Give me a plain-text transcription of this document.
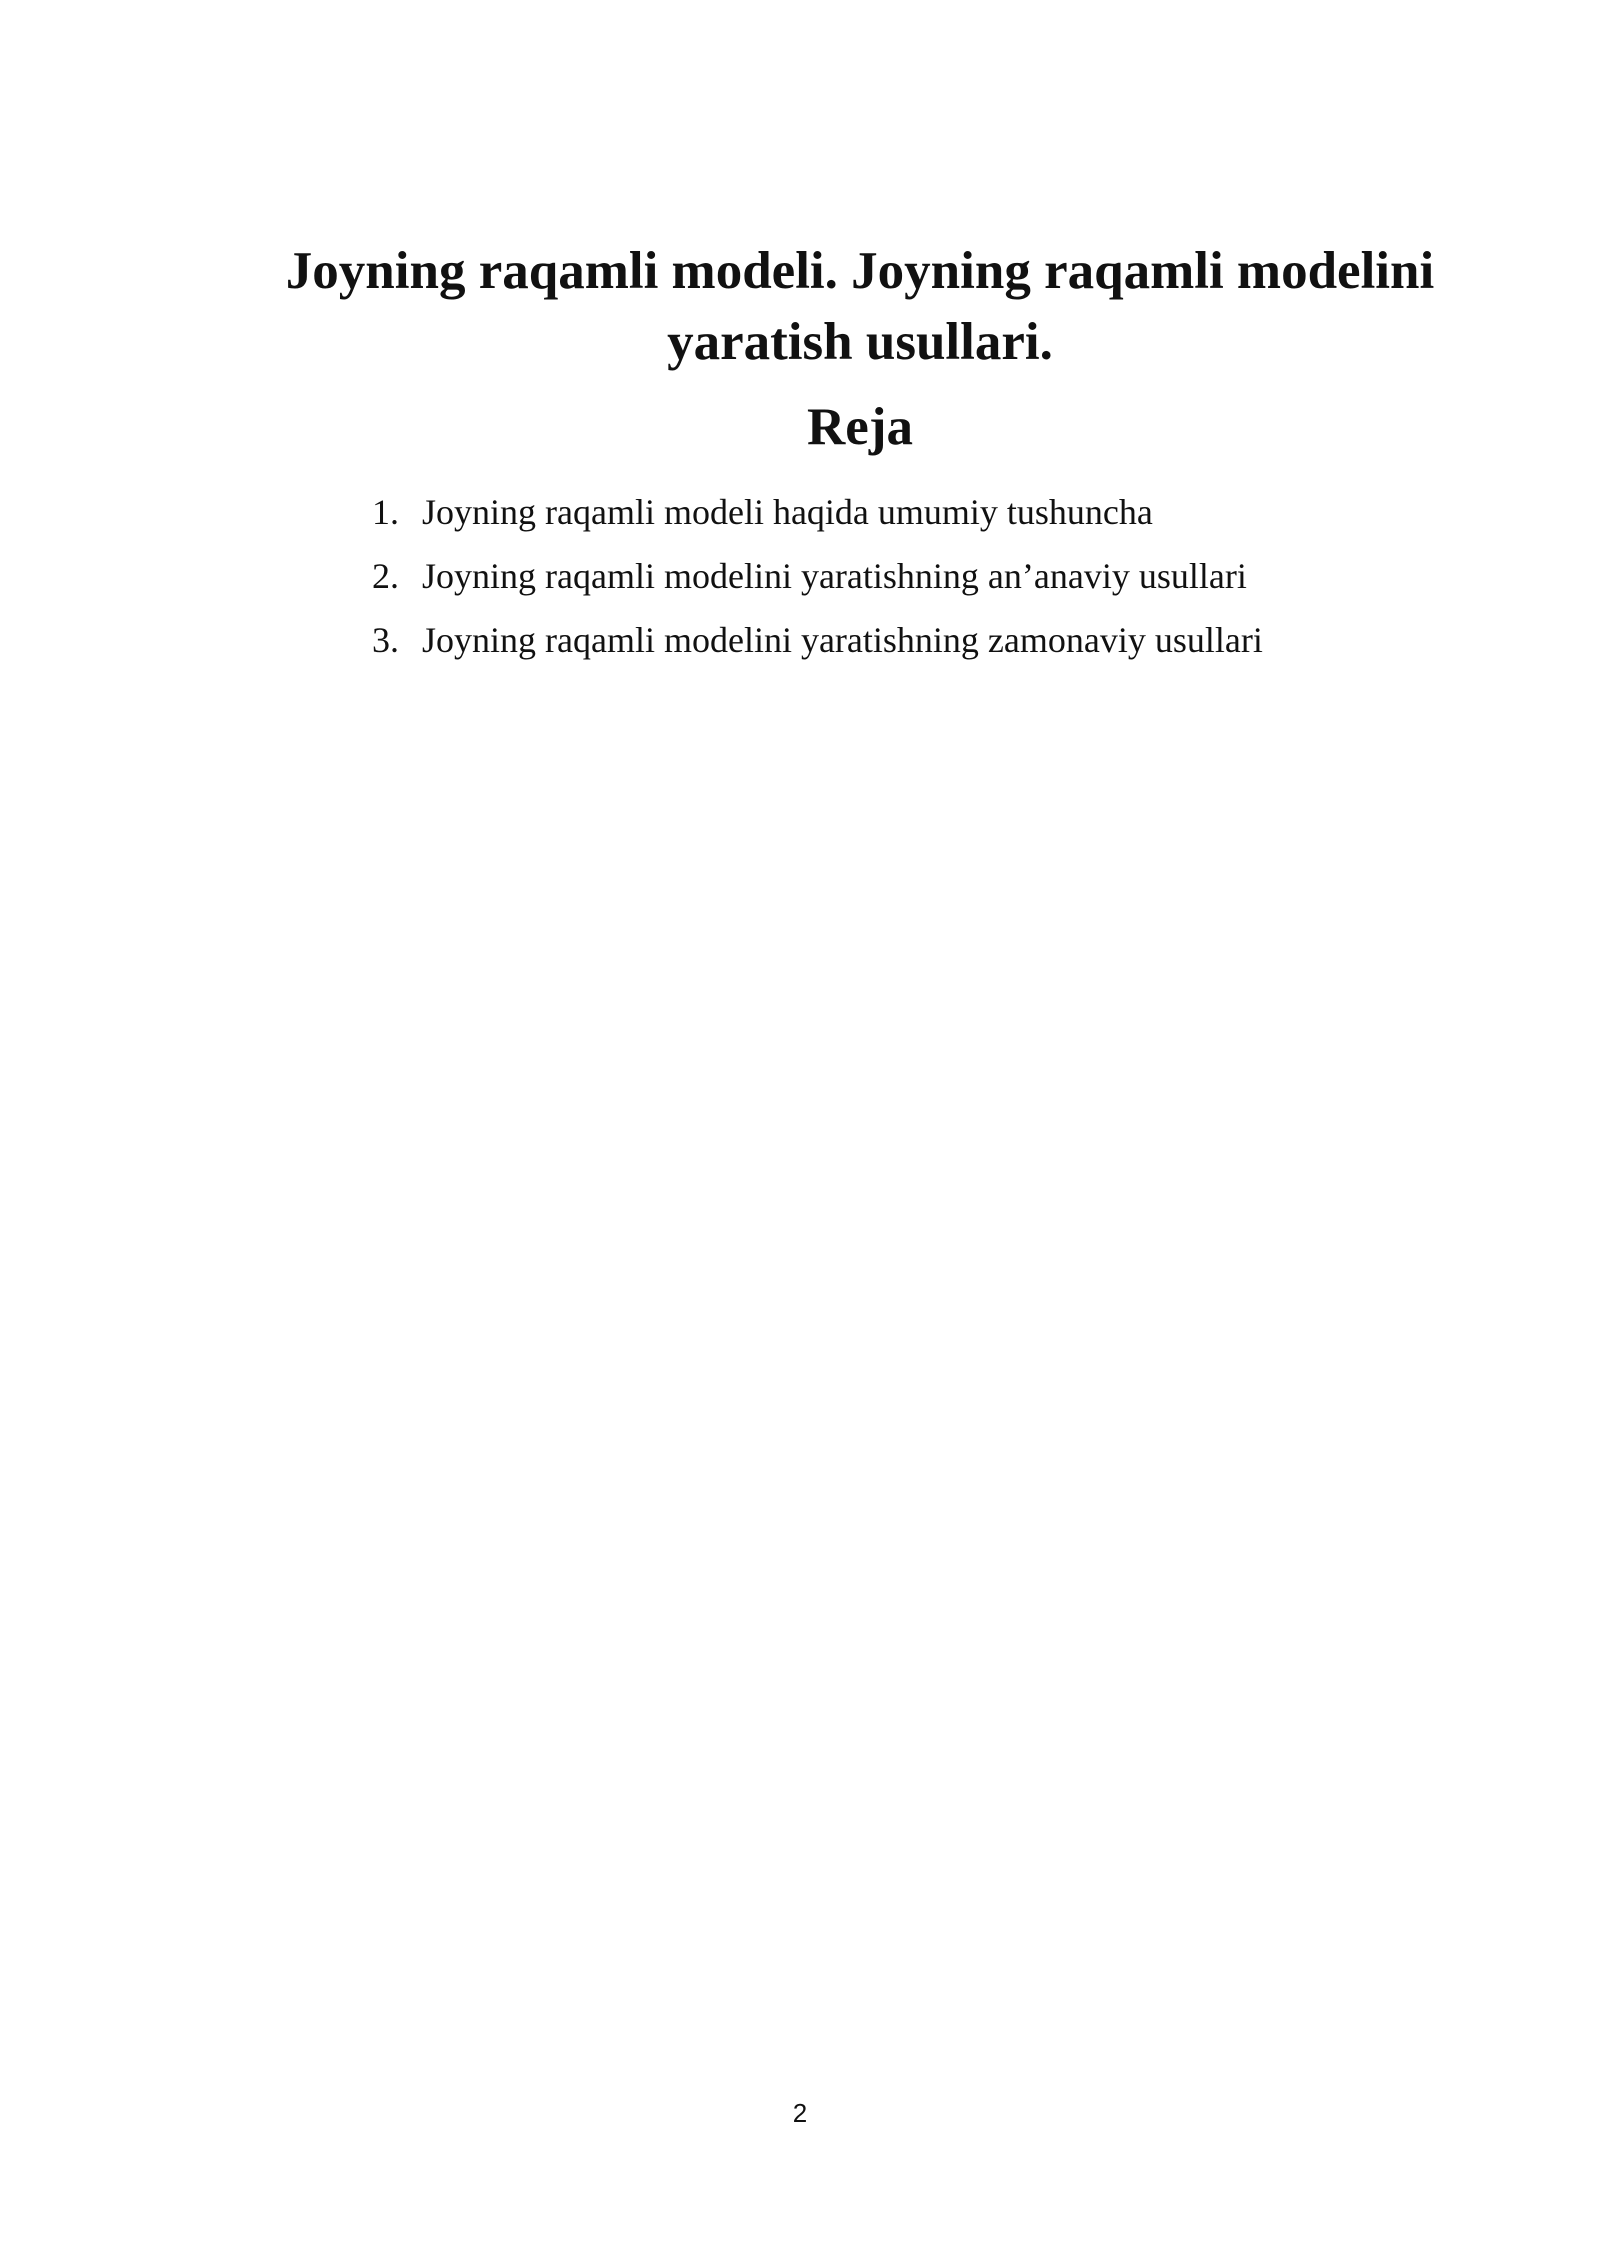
Joyning raqamli modeli. Joyning raqamli modelini
yaratish usullari.
Reja
1. Joyning raqamli modeli haqida umumiy tushuncha
2. Joyning raqamli modelini yaratishning an’anaviy usullari
3. Joyning raqamli modelini yaratishning zamonaviy usullari
2
